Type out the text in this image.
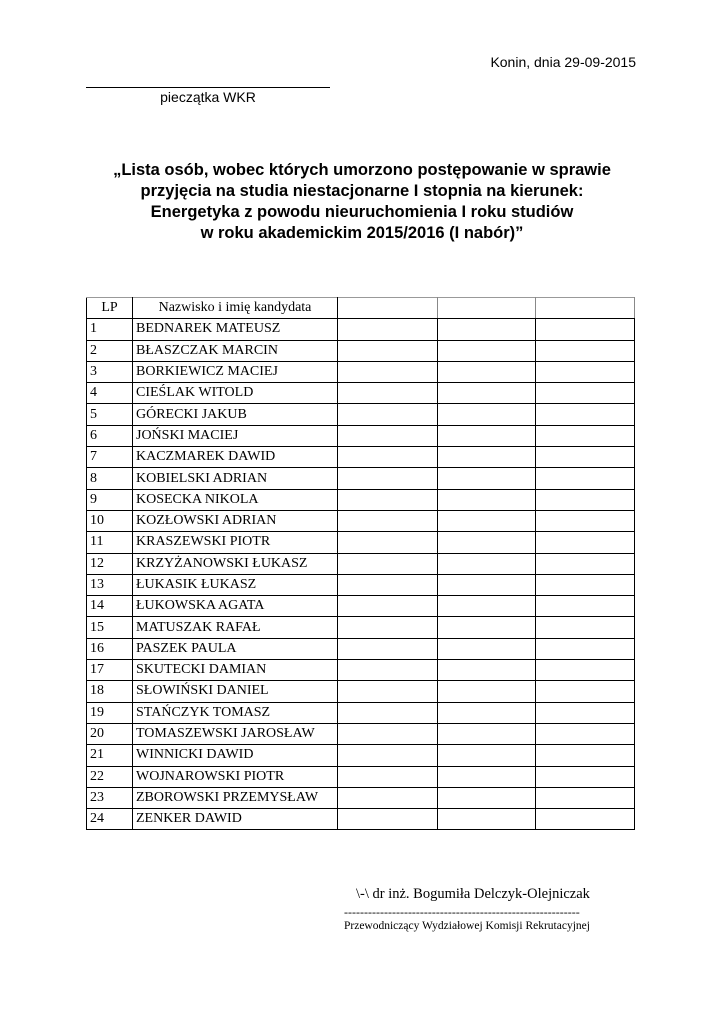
Konin, dnia 29-09-2015
pieczątka WKR
„Lista osób, wobec których umorzono postępowanie w sprawie
przyjęcia na studia niestacjonarne I stopnia na kierunek:
Energetyka z powodu nieuruchomienia I roku studiów
w roku akademickim 2015/2016 (I nabór)”
LP	Nazwisko i imię kandydata			
1	BEDNAREK MATEUSZ			
2	BŁASZCZAK MARCIN			
3	BORKIEWICZ MACIEJ			
4	CIEŚLAK WITOLD			
5	GÓRECKI JAKUB			
6	JOŃSKI MACIEJ			
7	KACZMAREK DAWID			
8	KOBIELSKI ADRIAN			
9	KOSECKA NIKOLA			
10	KOZŁOWSKI ADRIAN			
11	KRASZEWSKI PIOTR			
12	KRZYŻANOWSKI ŁUKASZ			
13	ŁUKASIK ŁUKASZ			
14	ŁUKOWSKA AGATA			
15	MATUSZAK RAFAŁ			
16	PASZEK PAULA			
17	SKUTECKI DAMIAN			
18	SŁOWIŃSKI DANIEL			
19	STAŃCZYK TOMASZ			
20	TOMASZEWSKI JAROSŁAW			
21	WINNICKI DAWID			
22	WOJNAROWSKI PIOTR			
23	ZBOROWSKI PRZEMYSŁAW			
24	ZENKER DAWID			
\-\ dr inż. Bogumiła Delczyk-Olejniczak
-----------------------------------------------------------
Przewodniczący Wydziałowej Komisji Rekrutacyjnej
